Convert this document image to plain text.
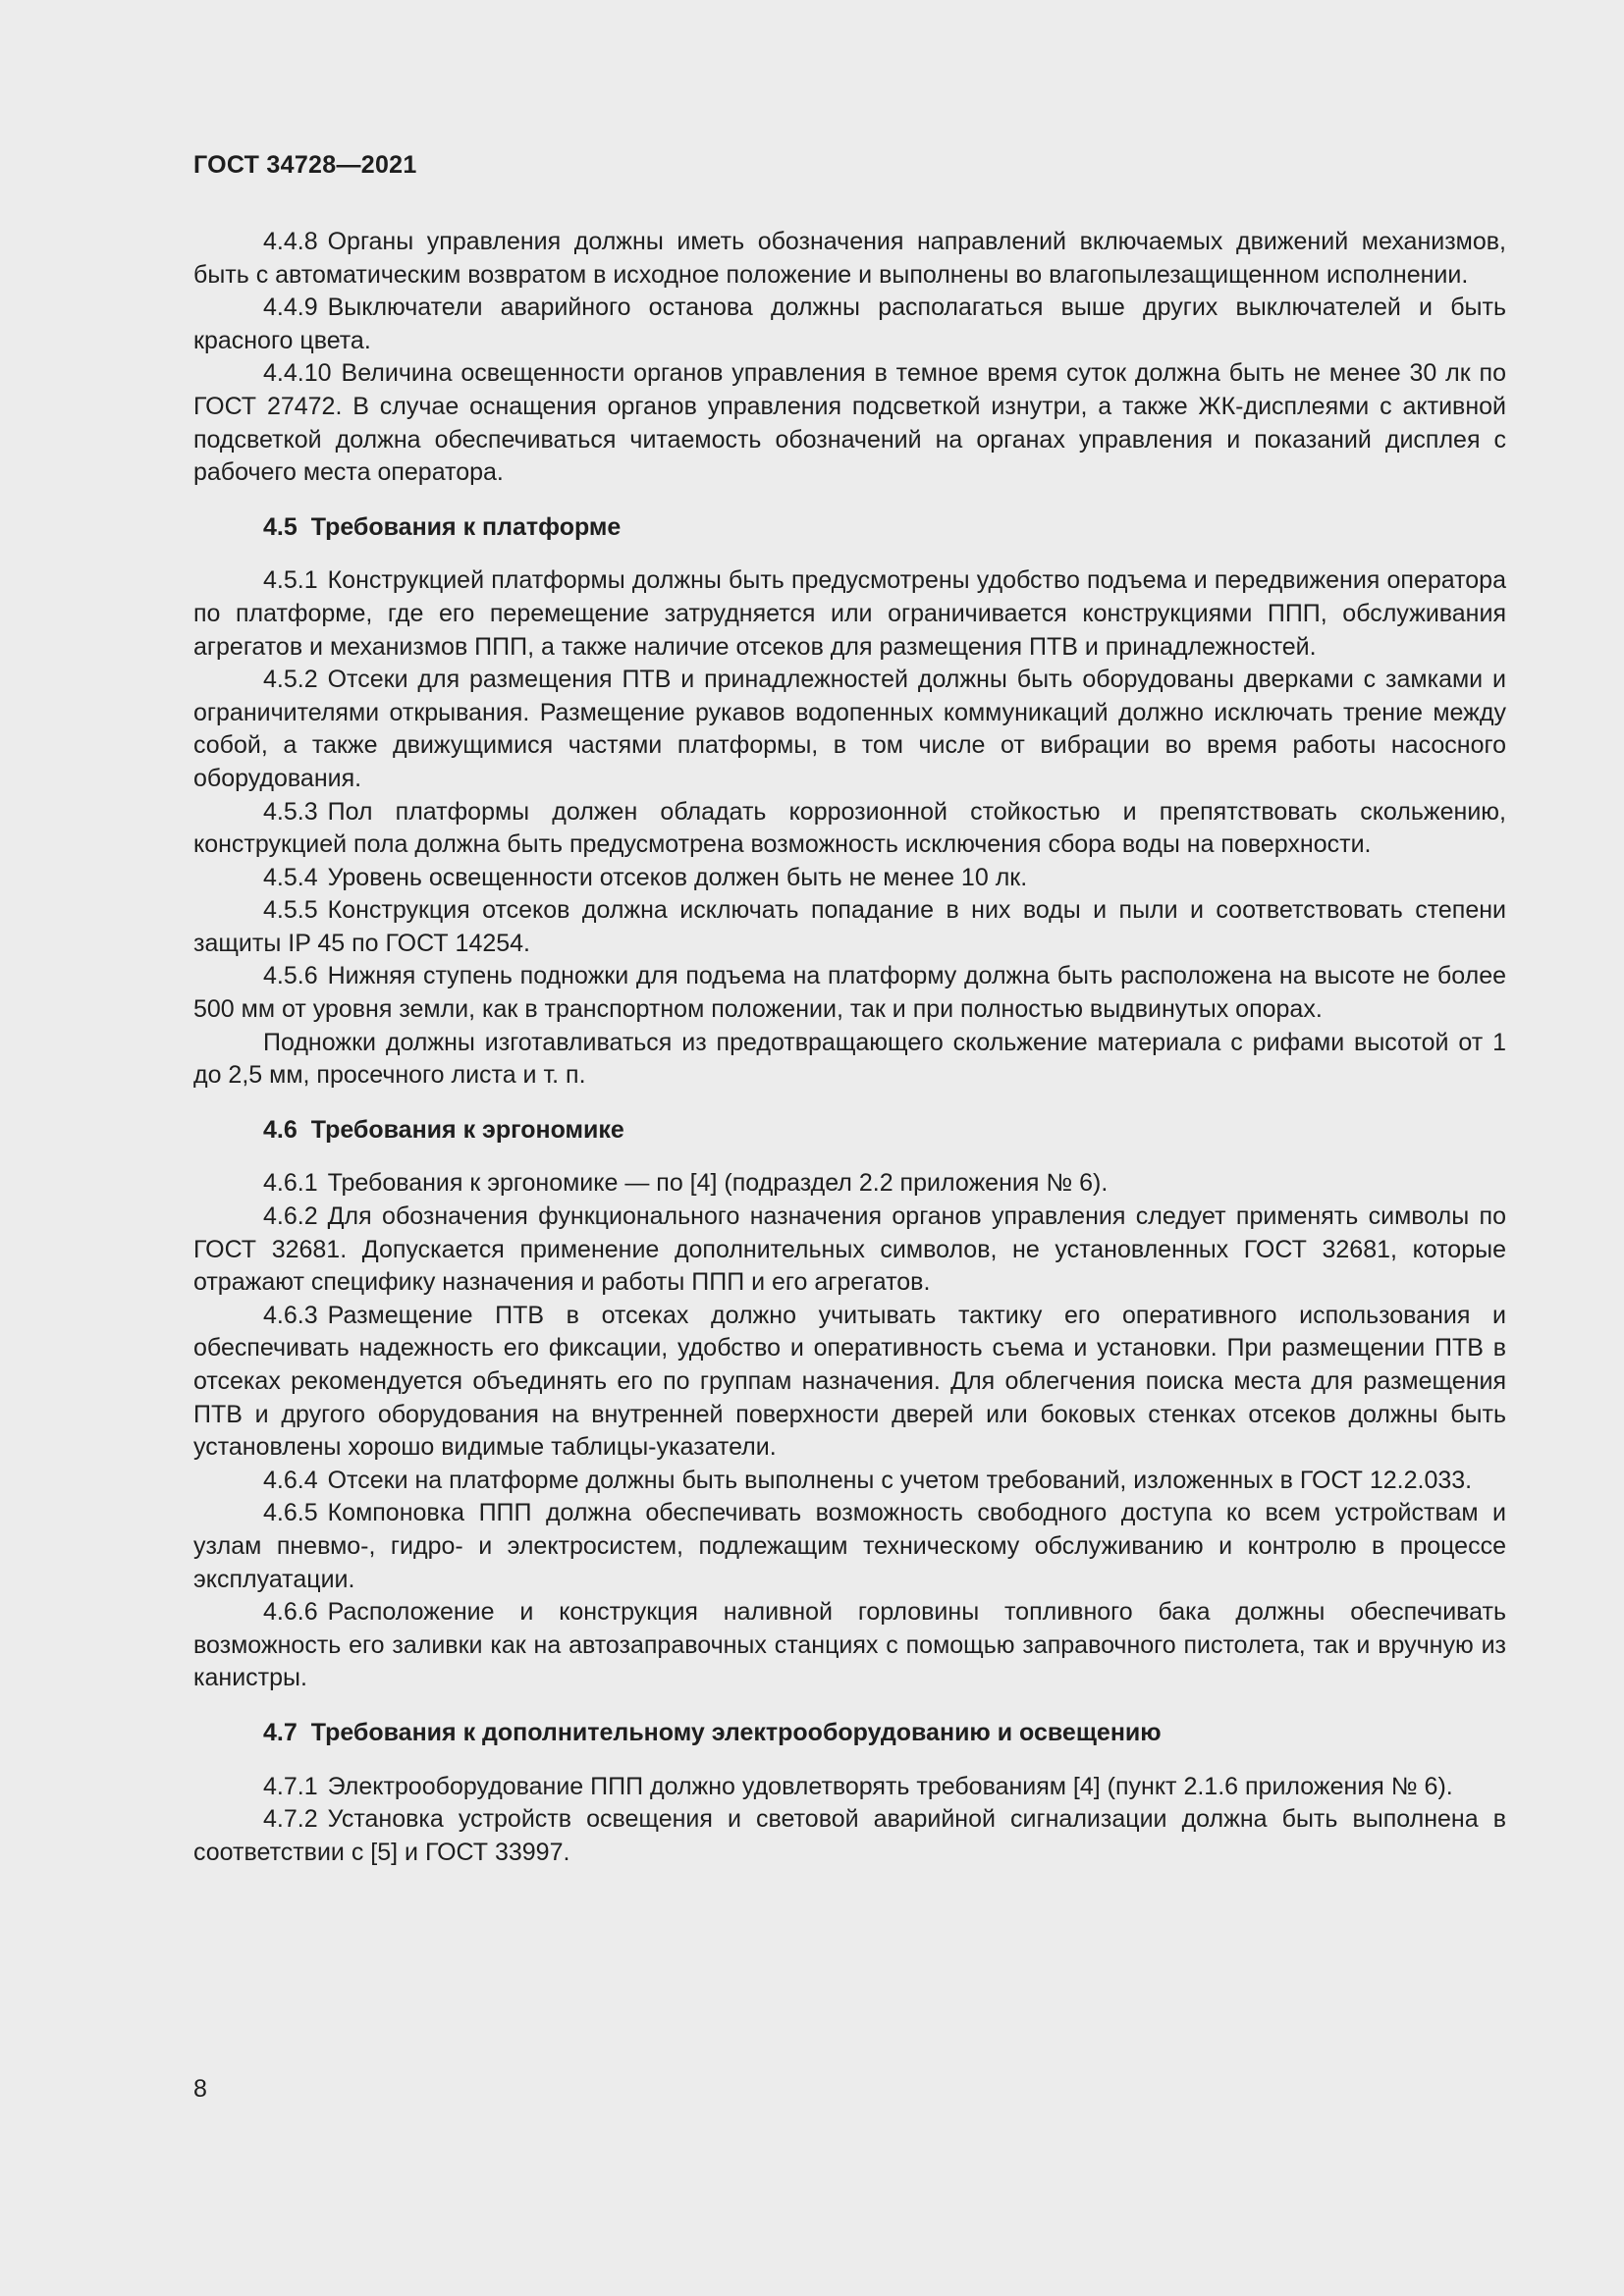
ГОСТ 34728—2021
4.4.8 Органы управления должны иметь обозначения направлений включаемых движений механизмов, быть с автоматическим возвратом в исходное положение и выполнены во влагопылезащищенном исполнении.
4.4.9 Выключатели аварийного останова должны располагаться выше других выключателей и быть красного цвета.
4.4.10 Величина освещенности органов управления в темное время суток должна быть не менее 30 лк по ГОСТ 27472. В случае оснащения органов управления подсветкой изнутри, а также ЖК-дисплеями с активной подсветкой должна обеспечиваться читаемость обозначений на органах управления и показаний дисплея с рабочего места оператора.
4.5 Требования к платформе
4.5.1 Конструкцией платформы должны быть предусмотрены удобство подъема и передвижения оператора по платформе, где его перемещение затрудняется или ограничивается конструкциями ППП, обслуживания агрегатов и механизмов ППП, а также наличие отсеков для размещения ПТВ и принадлежностей.
4.5.2 Отсеки для размещения ПТВ и принадлежностей должны быть оборудованы дверками с замками и ограничителями открывания. Размещение рукавов водопенных коммуникаций должно исключать трение между собой, а также движущимися частями платформы, в том числе от вибрации во время работы насосного оборудования.
4.5.3 Пол платформы должен обладать коррозионной стойкостью и препятствовать скольжению, конструкцией пола должна быть предусмотрена возможность исключения сбора воды на поверхности.
4.5.4 Уровень освещенности отсеков должен быть не менее 10 лк.
4.5.5 Конструкция отсеков должна исключать попадание в них воды и пыли и соответствовать степени защиты IP 45 по ГОСТ 14254.
4.5.6 Нижняя ступень подножки для подъема на платформу должна быть расположена на высоте не более 500 мм от уровня земли, как в транспортном положении, так и при полностью выдвинутых опорах.
Подножки должны изготавливаться из предотвращающего скольжение материала с рифами высотой от 1 до 2,5 мм, просечного листа и т. п.
4.6 Требования к эргономике
4.6.1 Требования к эргономике — по [4] (подраздел 2.2 приложения № 6).
4.6.2 Для обозначения функционального назначения органов управления следует применять символы по ГОСТ 32681. Допускается применение дополнительных символов, не установленных ГОСТ 32681, которые отражают специфику назначения и работы ППП и его агрегатов.
4.6.3 Размещение ПТВ в отсеках должно учитывать тактику его оперативного использования и обеспечивать надежность его фиксации, удобство и оперативность съема и установки. При размещении ПТВ в отсеках рекомендуется объединять его по группам назначения. Для облегчения поиска места для размещения ПТВ и другого оборудования на внутренней поверхности дверей или боковых стенках отсеков должны быть установлены хорошо видимые таблицы-указатели.
4.6.4 Отсеки на платформе должны быть выполнены с учетом требований, изложенных в ГОСТ 12.2.033.
4.6.5 Компоновка ППП должна обеспечивать возможность свободного доступа ко всем устройствам и узлам пневмо-, гидро- и электросистем, подлежащим техническому обслуживанию и контролю в процессе эксплуатации.
4.6.6 Расположение и конструкция наливной горловины топливного бака должны обеспечивать возможность его заливки как на автозаправочных станциях с помощью заправочного пистолета, так и вручную из канистры.
4.7 Требования к дополнительному электрооборудованию и освещению
4.7.1 Электрооборудование ППП должно удовлетворять требованиям [4] (пункт 2.1.6 приложения № 6).
4.7.2 Установка устройств освещения и световой аварийной сигнализации должна быть выполнена в соответствии с [5] и ГОСТ 33997.
8
